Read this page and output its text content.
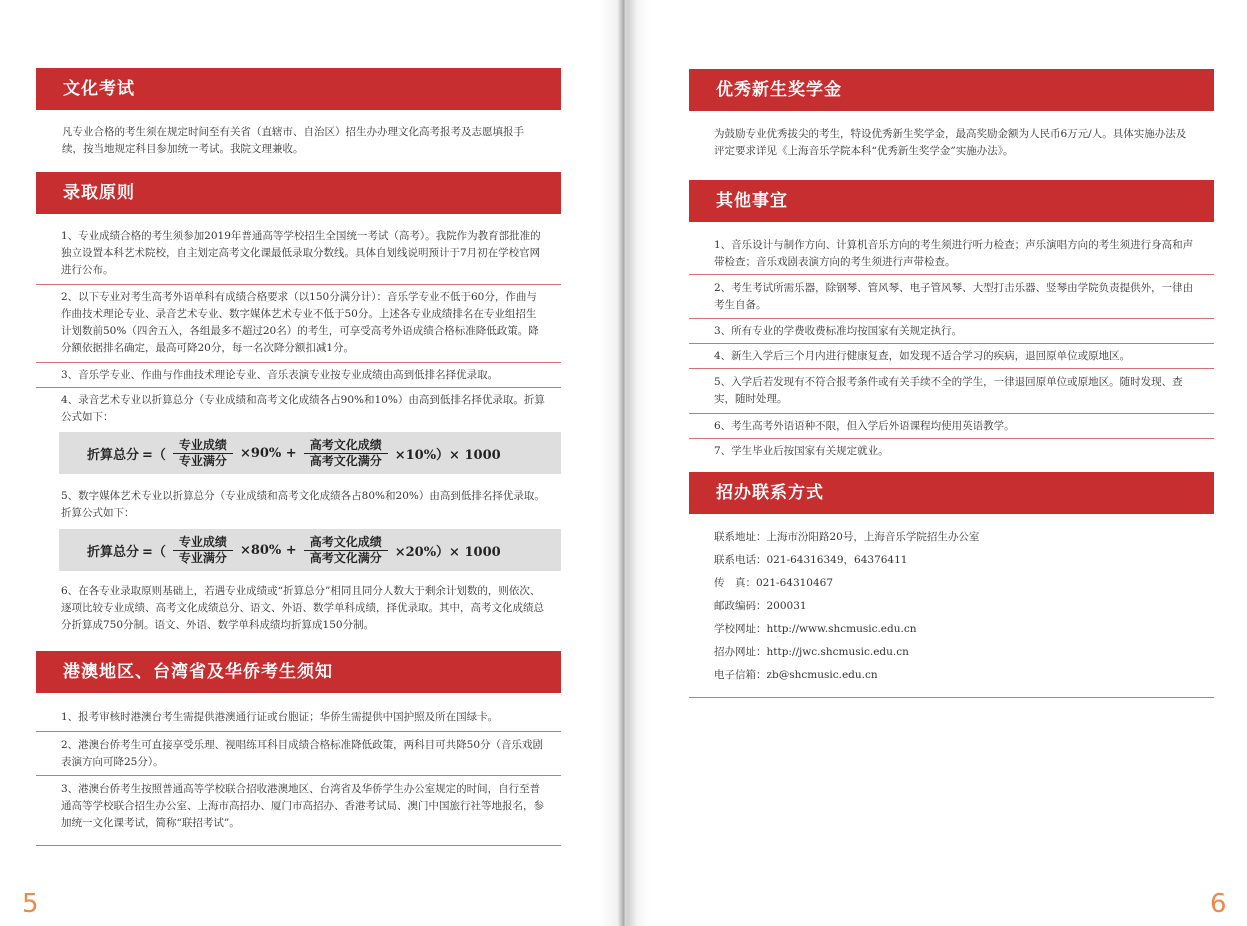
文化考试

凡专业合格的考生须在规定时间至有关省（直辖市、自治区）招生办办理文化高考报考及志愿填报手续，按当地规定科目参加统一考试。我院文理兼收。

录取原则
1、专业成绩合格的考生须参加2019年普通高等学校招生全国统一考试（高考）。我院作为教育部批准的独立设置本科艺术院校，自主划定高考文化课最低录取分数线。具体自划线说明预计于7月初在学校官网进行公布。
2、以下专业对考生高考外语单科有成绩合格要求（以150分满分计）：音乐学专业不低于60分，作曲与作曲技术理论专业、录音艺术专业、数字媒体艺术专业不低于50分。上述各专业成绩排名在专业组招生计划数前50%（四舍五入，各组最多不超过20名）的考生，可享受高考外语成绩合格标准降低政策。降分额依据排名确定，最高可降20分，每一名次降分额扣减1分。
3、音乐学专业、作曲与作曲技术理论专业、音乐表演专业按专业成绩由高到低排名择优录取。
4、录音艺术专业以折算总分（专业成绩和高考文化成绩各占90%和10%）由高到低排名择优录取。折算公式如下：
折算总分 =（ $\frac{\text{专业成绩}}{\text{专业满分}} \times 90\% + \frac{\text{高考文化成绩}}{\text{高考文化满分}} \times 10\%)\times 1000$
5、数字媒体艺术专业以折算总分（专业成绩和高考文化成绩各占80%和20%）由高到低排名择优录取。折算公式如下：
折算总分 =（ $\frac{\text{专业成绩}}{\text{专业满分}} \times 80\% + \frac{\text{高考文化成绩}}{\text{高考文化满分}} \times 20\%)\times 1000$
6、在各专业录取原则基础上，若遇专业成绩或“折算总分”相同且同分人数大于剩余计划数的，则依次、逐项比较专业成绩、高考文化成绩总分、语文、外语、数学单科成绩，择优录取。其中，高考文化成绩总分折算成750分制。语文、外语、数学单科成绩均折算成150分制。
港澳地区、台湾省及华侨考生须知
1、报考审核时港澳台考生需提供港澳通行证或台胞证；华侨生需提供中国护照及所在国绿卡。
2、港澳台侨考生可直接享受乐理、视唱练耳科目成绩合格标准降低政策，两科目可共降50分（音乐戏剧表演方向可降25分）。
3、港澳台侨考生按照普通高等学校联合招收港澳地区、台湾省及华侨学生办公室规定的时间，自行至普通高等学校联合招生办公室、上海市高招办、厦门市高招办、香港考试局、澳门中国旅行社等地报名，参加统一文化课考试，简称“联招考试”。
5
优秀新生奖学金

为鼓励专业优秀拔尖的考生，特设优秀新生奖学金，最高奖励金额为人民币6万元/人。具体实施办法及评定要求详见《上海音乐学院本科“优秀新生奖学金”实施办法》。

其他事宜
1、音乐设计与制作方向、计算机音乐方向的考生须进行听力检查；声乐演唱方向的考生须进行身高和声带检查；音乐戏剧表演方向的考生须进行声带检查。
2、考生考试所需乐器，除钢琴、管风琴、电子管风琴、大型打击乐器、竖琴由学院负责提供外，一律由考生自备。
3、所有专业的学费收费标准均按国家有关规定执行。
4、新生入学后三个月内进行健康复查，如发现不适合学习的疾病，退回原单位或原地区。
5、入学后若发现有不符合报考条件或有关手续不全的学生，一律退回原单位或原地区。随时发现、查实，随时处理。
6、考生高考外语语种不限，但入学后外语课程均使用英语教学。
7、学生毕业后按国家有关规定就业。
招办联系方式
联系地址：上海市汾阳路20号，上海音乐学院招生办公室
联系电话：021-64316349，64376411
传　真：021-64310467
邮政编码：200031
学校网址：http://www.shcmusic.edu.cn
招办网址：http://jwc.shcmusic.edu.cn
电子信箱：zb@shcmusic.edu.cn
6
